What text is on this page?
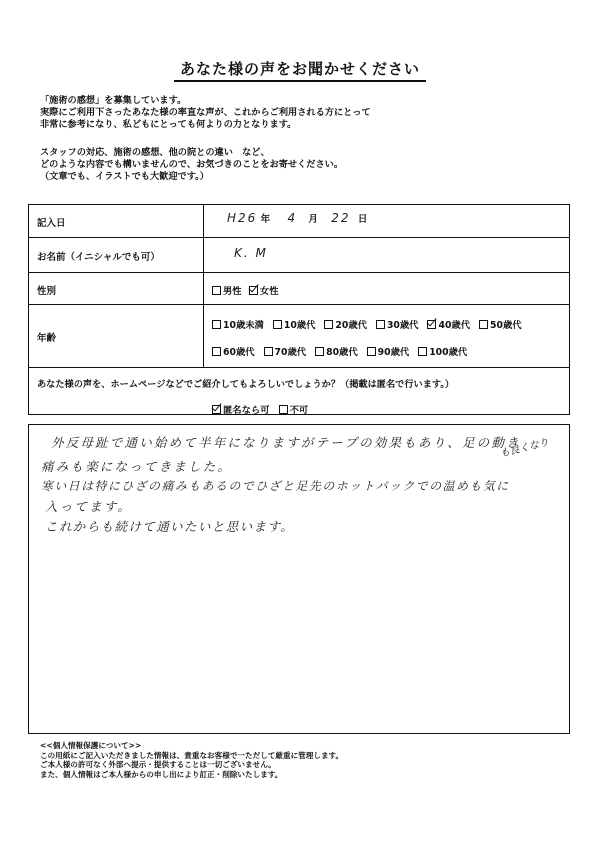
あなた様の声をお聞かせください
「施術の感想」を募集しています。
実際にご利用下さったあなた様の率直な声が、これからご利用される方にとって
非常に参考になり、私どもにとっても何よりの力となります。
スタッフの対応、施術の感想、他の院との違い　など、
どのような内容でも構いませんので、お気づきのことをお寄せください。
（文章でも、イラストでも大歓迎です。）
記入日	H26 年 4 月 22 日
お名前（イニシャルでも可）	K. M
性別	男性 女性
年齢
10歳未満 10歳代 20歳代 30歳代 40歳代 50歳代
60歳代 70歳代 80歳代 90歳代 100歳代
あなた様の声を、ホームページなどでご紹介してもよろしいでしょうか？（掲載は匿名で行います。）
匿名なら可 不可
外反母趾で通い始めて半年になりますがテープの効果もあり、足の動き
も良くなり
痛みも楽になってきました。
寒い日は特にひざの痛みもあるのでひざと足先のホットパックでの温めも気に
入ってます。
これからも続けて通いたいと思います。
<<個人情報保護について>>
この用紙にご記入いただきました情報は、貴重なお客様で一ただして厳重に管理します。
ご本人様の許可なく外部へ提示・提供することは一切ございません。
また、個人情報はご本人様からの申し出により訂正・削除いたします。
